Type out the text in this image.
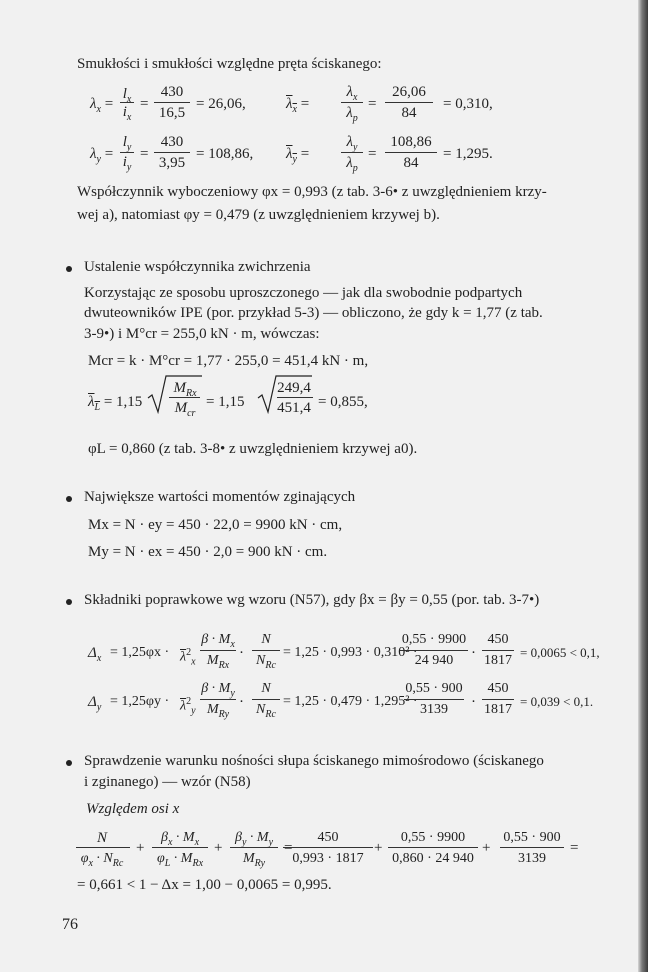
Smukłości i smukłości względne pręta ściskanego:
$\lambda_x$ =
$l_x$
$i_x$
=
430
16,5
= 26,06,	$\lambda_x$ =
$\lambda_x$
$\lambda_p$
=
26,06
84
= 0,310,
$\lambda_y$ =
$l_y$
$i_y$
=
430
3,95
= 108,86, $\lambda_y$ =
$\lambda_y$
$\lambda_p$
=
108,86
84
= 1,295.
Współczynnik wyboczeniowy φx = 0,993 (z tab. 3-6• z uwzględnieniem krzy-
wej a), natomiast φy = 0,479 (z uwzględnieniem krzywej b).
Ustalenie współczynnika zwichrzenia
Korzystając ze sposobu uproszczonego — jak dla swobodnie podpartych
dwuteowników IPE (por. przykład 5-3) — obliczono, że gdy k = 1,77 (z tab.
3-9•) i M°cr = 255,0 kN · m, wówczas:
Mcr = k · M°cr = 1,77 · 255,0 = 451,4 kN · m,
$\lambda_L = 1,15$
$M_{Rx}$
$M_{cr}$
= 1,15
249,4
451,4 = 0,855,
φL = 0,860 (z tab. 3-8• z uwzględnieniem krzywej a0).
Największe wartości momentów zginających
Mx = N · ey = 450 · 22,0 = 9900 kN · cm,
My = N · ex = 450 · 2,0 = 900 kN · cm.
Składniki poprawkowe wg wzoru (N57), gdy βx = βy = 0,55 (por. tab. 3-7•)
$\Delta_x = 1,25\varphi x \cdot \overline{\lambda}^2_x$
$\beta \cdot M_x$
$M_{Rx}$
·
N
$N_{Rc}$
= 1,25 · 0,993 · 0,310² ·
0,55 · 9900
24 940 ·
450
1817
= 0,0065 < 0,1,
$\Delta_y = 1,25\varphi y \cdot \overline{\lambda}^2_y$
$\beta \cdot M_y$
$M_{Ry}$
·
N
$N_{Rc}$
= 1,25 · 0,479 · 1,295² ·
0,55 · 900
3139 ·
450
1817
= 0,039 < 0,1.
Sprawdzenie warunku nośności słupa ściskanego mimośrodowo (ściskanego
i zginanego) — wzór (N58)
Względem osi x
N
$\varphi_x \cdot N_{Rc}$
+
$\beta_x \cdot M_x$
$\varphi_L \cdot M_{Rx}$
+
$\beta_y \cdot M_y$
$M_{Ry}$
=
450
0,993 · 1817
+
0,55 · 9900
0,860 · 24 940
+
0,55 · 900
3139
=
= 0,661 < 1 − Δx = 1,00 − 0,0065 = 0,995.
76
